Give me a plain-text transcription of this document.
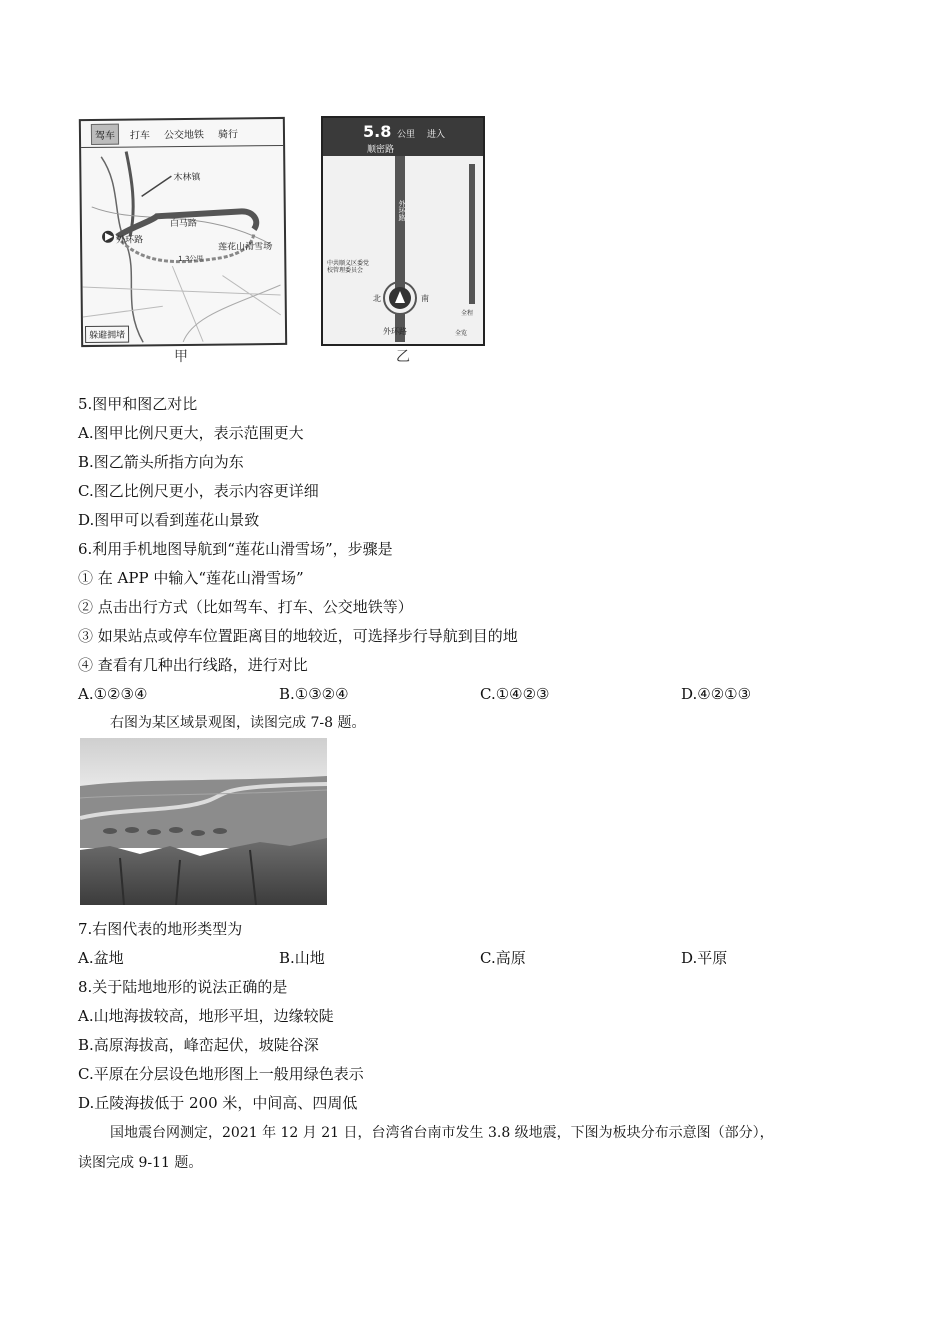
驾车	打车	公交地铁	骑行
木林镇
白马路
外环路
莲花山滑雪场
1.3公里
躲避拥堵
甲
5.8 公里 进入
顺密路
外环路
中共顺义区委党校管理委员会
北	南
外环路
全程
全览
乙
5.图甲和图乙对比
A.图甲比例尺更大，表示范围更大
B.图乙箭头所指方向为东
C.图乙比例尺更小，表示内容更详细
D.图甲可以看到莲花山景致
6.利用手机地图导航到“莲花山滑雪场”，步骤是
① 在 APP 中输入“莲花山滑雪场”
② 点击出行方式（比如驾车、打车、公交地铁等）
③ 如果站点或停车位置距离目的地较近，可选择步行导航到目的地
④ 查看有几种出行线路，进行对比
A.①②③④	B.①③②④	C.①④②③	D.④②①③
右图为某区域景观图，读图完成 7-8 题。
7.右图代表的地形类型为
A.盆地	B.山地	C.高原	D.平原
8.关于陆地地形的说法正确的是
A.山地海拔较高，地形平坦，边缘较陡
B.高原海拔高，峰峦起伏，坡陡谷深
C.平原在分层设色地形图上一般用绿色表示
D.丘陵海拔低于 200 米，中间高、四周低
国地震台网测定，2021 年 12 月 21 日，台湾省台南市发生 3.8 级地震，下图为板块分布示意图（部分），
读图完成 9-11 题。
